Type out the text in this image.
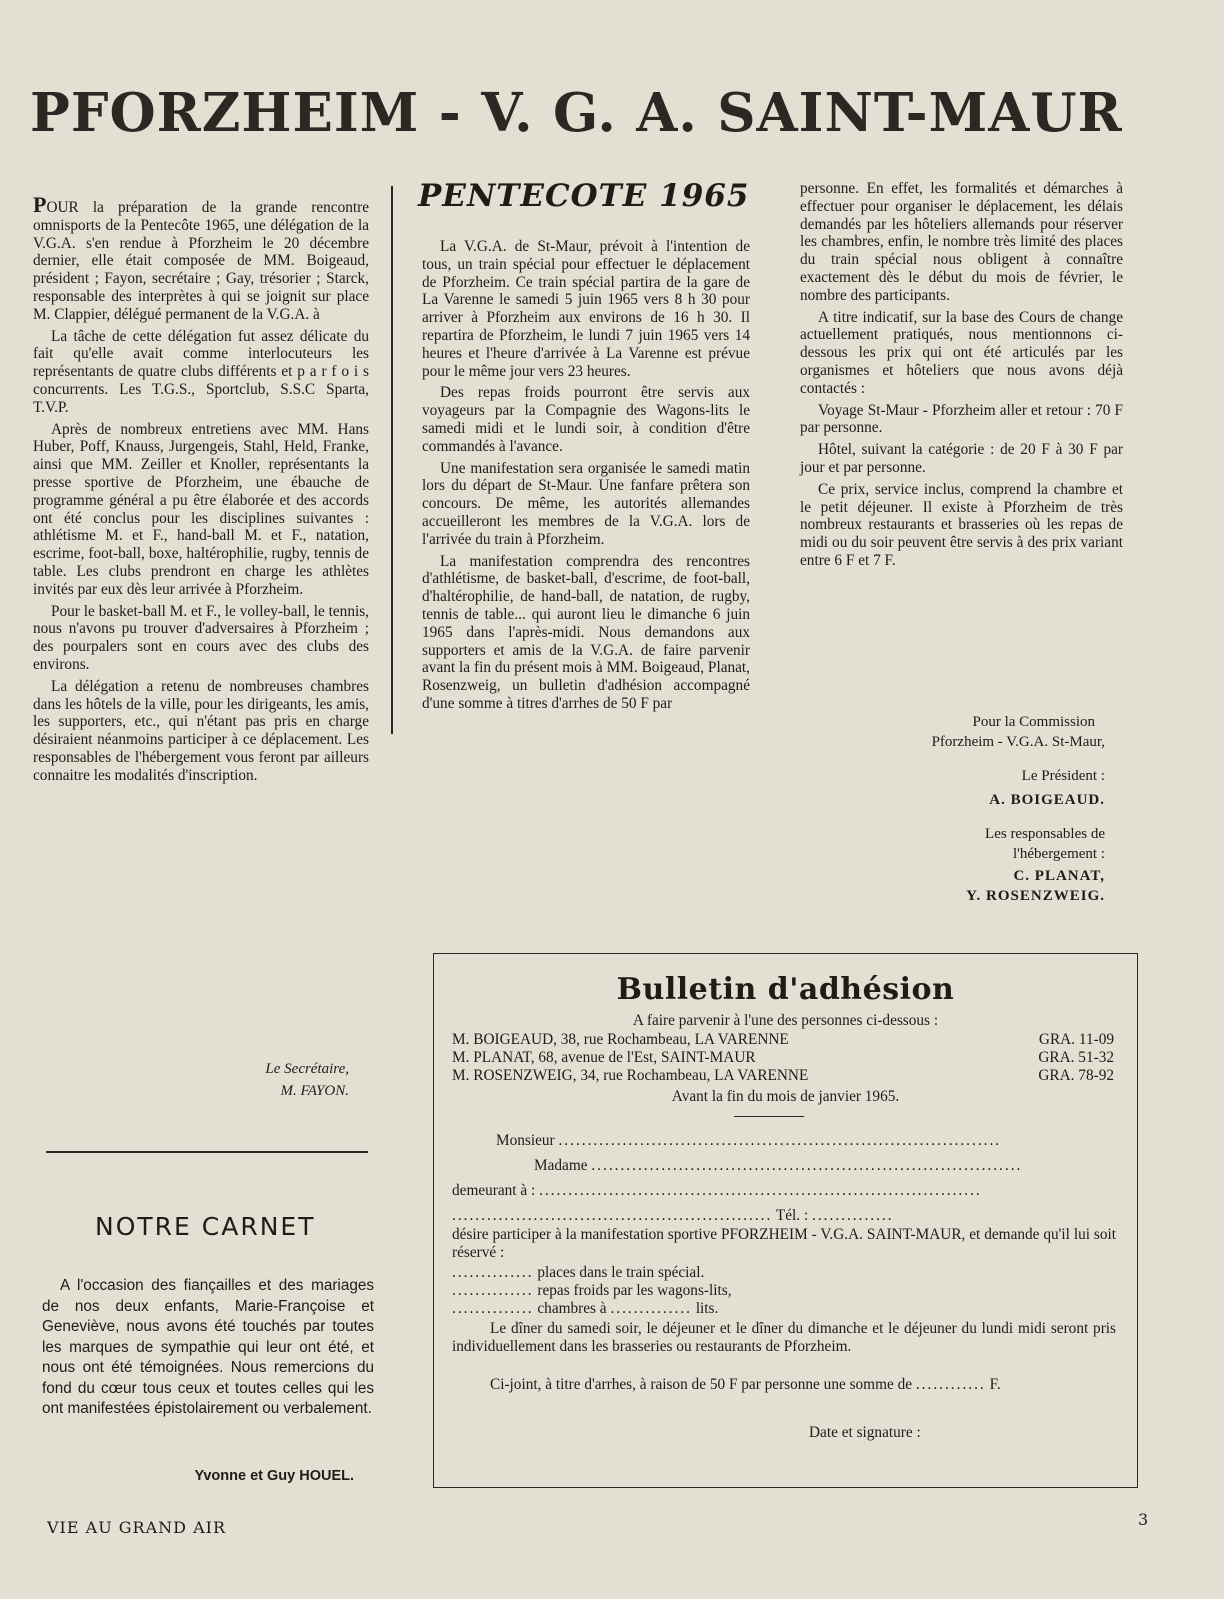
PFORZHEIM - V. G. A. SAINT-MAUR

POUR la préparation de la grande rencontre omnisports de la Pentecôte 1965, une délégation de la V.G.A. s'en rendue à Pforzheim le 20 décembre dernier, elle était composée de MM. Boigeaud, président ; Fayon, secrétaire ; Gay, trésorier ; Starck, responsable des interprètes à qui se joignit sur place M. Clappier, délégué permanent de la V.G.A. à

La tâche de cette délégation fut assez délicate du fait qu'elle avait comme interlocuteurs les représentants de quatre clubs différents et p a r f o i s concurrents. Les T.G.S., Sportclub, S.S.C Sparta, T.V.P.

Après de nombreux entretiens avec MM. Hans Huber, Poff, Knauss, Jurgengeis, Stahl, Held, Franke, ainsi que MM. Zeiller et Knoller, représentants la presse sportive de Pforzheim, une ébauche de programme général a pu être élaborée et des accords ont été conclus pour les disciplines suivantes : athlétisme M. et F., hand-ball M. et F., natation, escrime, foot-ball, boxe, haltérophilie, rugby, tennis de table. Les clubs prendront en charge les athlètes invités par eux dès leur arrivée à Pforzheim.

Pour le basket-ball M. et F., le volley-ball, le tennis, nous n'avons pu trouver d'adversaires à Pforzheim ; des pourpalers sont en cours avec des clubs des environs.

La délégation a retenu de nombreuses chambres dans les hôtels de la ville, pour les dirigeants, les amis, les supporters, etc., qui n'étant pas pris en charge désiraient néanmoins participer à ce déplacement. Les responsables de l'hébergement vous feront par ailleurs connaitre les modalités d'inscription.

Le Secrétaire,
M. FAYON.
PENTECOTE 1965

La V.G.A. de St-Maur, prévoit à l'intention de tous, un train spécial pour effectuer le déplacement de Pforzheim. Ce train spécial partira de la gare de La Varenne le samedi 5 juin 1965 vers 8 h 30 pour arriver à Pforzheim aux environs de 16 h 30. Il repartira de Pforzheim, le lundi 7 juin 1965 vers 14 heures et l'heure d'arrivée à La Varenne est prévue pour le même jour vers 23 heures.

Des repas froids pourront être servis aux voyageurs par la Compagnie des Wagons-lits le samedi midi et le lundi soir, à condition d'être commandés à l'avance.

Une manifestation sera organisée le samedi matin lors du départ de St-Maur. Une fanfare prêtera son concours. De même, les autorités allemandes accueilleront les membres de la V.G.A. lors de l'arrivée du train à Pforzheim.

La manifestation comprendra des rencontres d'athlétisme, de basket-ball, d'escrime, de foot-ball, d'haltérophilie, de hand-ball, de natation, de rugby, tennis de table... qui auront lieu le dimanche 6 juin 1965 dans l'après-midi. Nous demandons aux supporters et amis de la V.G.A. de faire parvenir avant la fin du présent mois à MM. Boigeaud, Planat, Rosenzweig, un bulletin d'adhésion accompagné d'une somme à titres d'arrhes de 50 F par

personne. En effet, les formalités et démarches à effectuer pour organiser le déplacement, les délais demandés par les hôteliers allemands pour réserver les chambres, enfin, le nombre très limité des places du train spécial nous obligent à connaître exactement dès le début du mois de février, le nombre des participants.

A titre indicatif, sur la base des Cours de change actuellement pratiqués, nous mentionnons ci-dessous les prix qui ont été articulés par les organismes et hôteliers que nous avons déjà contactés :

Voyage St-Maur - Pforzheim aller et retour : 70 F par personne.

Hôtel, suivant la catégorie : de 20 F à 30 F par jour et par personne.

Ce prix, service inclus, comprend la chambre et le petit déjeuner. Il existe à Pforzheim de très nombreux restaurants et brasseries où les repas de midi ou du soir peuvent être servis à des prix variant entre 6 F et 7 F.

Pour la Commission
Pforzheim - V.G.A. St-Maur,
Le Président :
A. BOIGEAUD.
Les responsables de
l'hébergement :
C. PLANAT,
Y. ROSENZWEIG.
NOTRE CARNET

A l'occasion des fiançailles et des mariages de nos deux enfants, Marie-Françoise et Geneviève, nous avons été touchés par toutes les marques de sympathie qui leur ont été, et nous ont été témoignées. Nous remercions du fond du cœur tous ceux et toutes celles qui les ont manifestées épistolairement ou verbalement.

Yvonne et Guy HOUEL.
Bulletin d'adhésion
A faire parvenir à l'une des personnes ci-dessous :
M. BOIGEAUD, 38, rue Rochambeau, LA VARENNE	GRA. 11-09
M. PLANAT, 68, avenue de l'Est, SAINT-MAUR	GRA. 51-32
M. ROSENZWEIG, 34, rue Rochambeau, LA VARENNE	GRA. 78-92
Avant la fin du mois de janvier 1965.
Monsieur ............................................................................
Madame ..........................................................................
demeurant à : ............................................................................
....................................................... Tél. : ..............

désire participer à la manifestation sportive PFORZHEIM - V.G.A. SAINT-MAUR, et demande qu'il lui soit réservé :

.............. places dans le train spécial.
.............. repas froids par les wagons-lits,
.............. chambres à .............. lits.

Le dîner du samedi soir, le déjeuner et le dîner du dimanche et le déjeuner du lundi midi seront pris individuellement dans les brasseries ou restaurants de Pforzheim.

Ci-joint, à titre d'arrhes, à raison de 50 F par personne une somme de ............ F.

Date et signature :
VIE AU GRAND AIR	3
